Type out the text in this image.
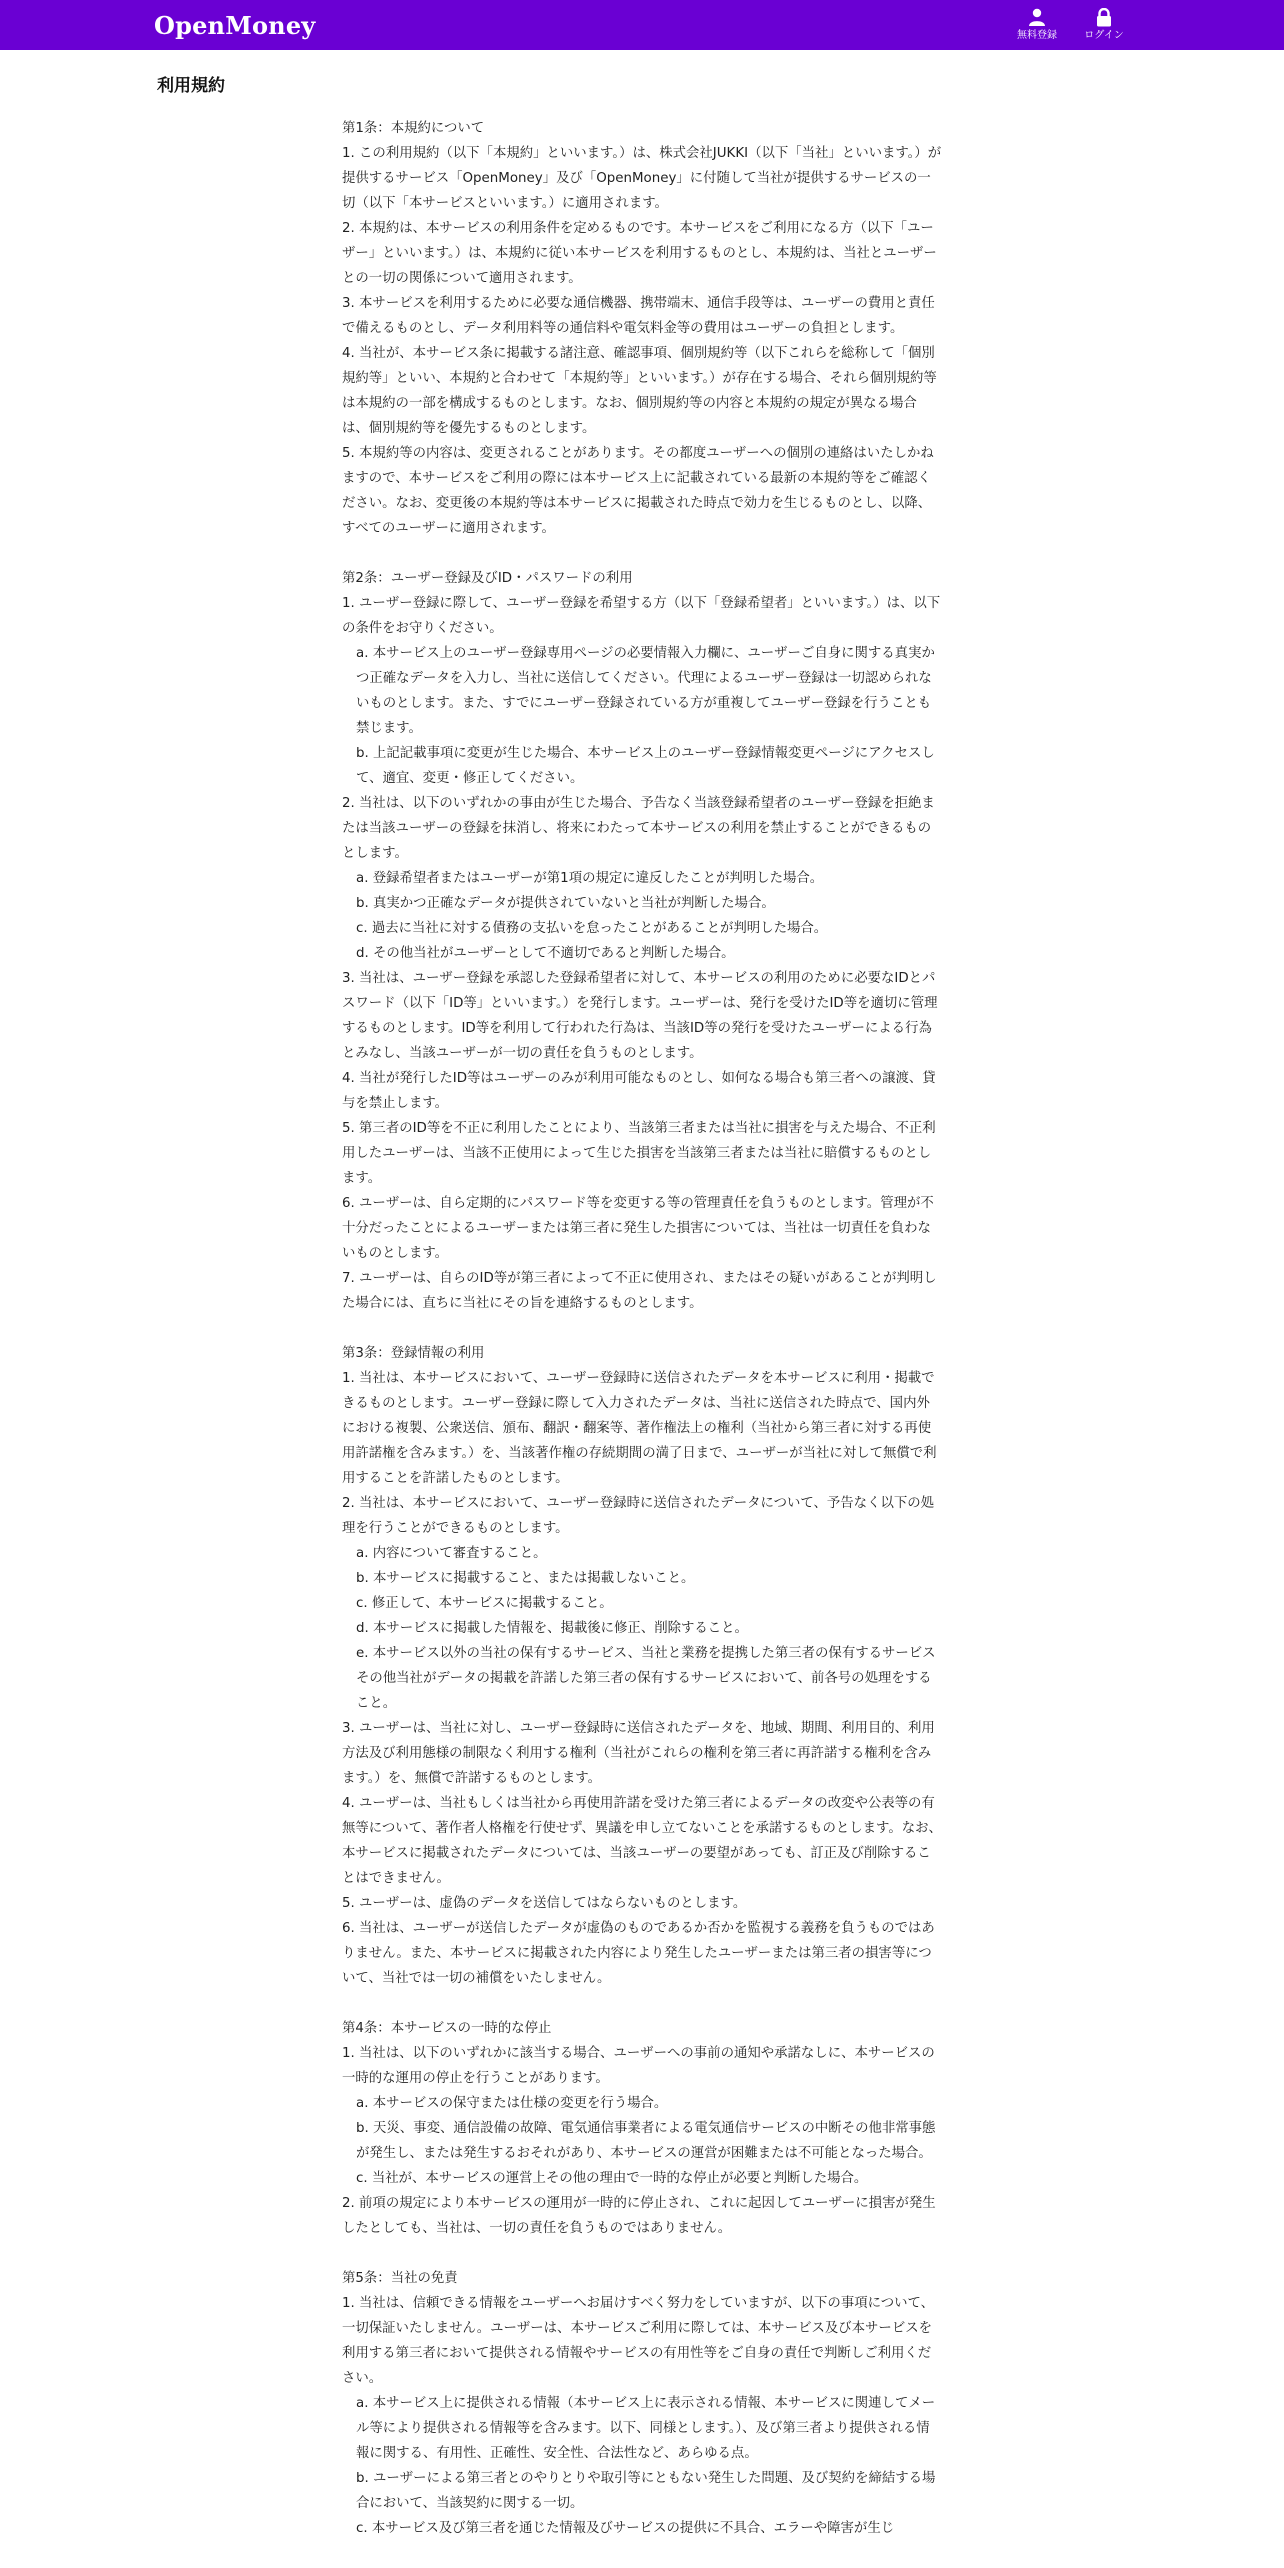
OpenMoney	無料登録	ログイン
利用規約
第1条：本規約について

1. この利用規約（以下「本規約」といいます。）は、株式会社JUKKI（以下「当社」といいます。）が提供するサービス「OpenMoney」及び「OpenMoney」に付随して当社が提供するサービスの一切（以下「本サービスといいます。）に適用されます。

2. 本規約は、本サービスの利用条件を定めるものです。本サービスをご利用になる方（以下「ユーザー」といいます。）は、本規約に従い本サービスを利用するものとし、本規約は、当社とユーザーとの一切の関係について適用されます。

3. 本サービスを利用するために必要な通信機器、携帯端末、通信手段等は、ユーザーの費用と責任で備えるものとし、データ利用料等の通信料や電気料金等の費用はユーザーの負担とします。

4. 当社が、本サービス条に掲載する諸注意、確認事項、個別規約等（以下これらを総称して「個別規約等」といい、本規約と合わせて「本規約等」といいます。）が存在する場合、それら個別規約等は本規約の一部を構成するものとします。なお、個別規約等の内容と本規約の規定が異なる場合は、個別規約等を優先するものとします。

5. 本規約等の内容は、変更されることがあります。その都度ユーザーへの個別の連絡はいたしかねますので、本サービスをご利用の際には本サービス上に記載されている最新の本規約等をご確認ください。なお、変更後の本規約等は本サービスに掲載された時点で効力を生じるものとし、以降、すべてのユーザーに適用されます。

第2条：ユーザー登録及びID・パスワードの利用

1. ユーザー登録に際して、ユーザー登録を希望する方（以下「登録希望者」といいます。）は、以下の条件をお守りください。

a. 本サービス上のユーザー登録専用ページの必要情報入力欄に、ユーザーご自身に関する真実かつ正確なデータを入力し、当社に送信してください。代理によるユーザー登録は一切認められないものとします。また、すでにユーザー登録されている方が重複してユーザー登録を行うことも禁じます。

b. 上記記載事項に変更が生じた場合、本サービス上のユーザー登録情報変更ページにアクセスして、適宜、変更・修正してください。

2. 当社は、以下のいずれかの事由が生じた場合、予告なく当該登録希望者のユーザー登録を拒絶または当該ユーザーの登録を抹消し、将来にわたって本サービスの利用を禁止することができるものとします。

a. 登録希望者またはユーザーが第1項の規定に違反したことが判明した場合。

b. 真実かつ正確なデータが提供されていないと当社が判断した場合。

c. 過去に当社に対する債務の支払いを怠ったことがあることが判明した場合。

d. その他当社がユーザーとして不適切であると判断した場合。

3. 当社は、ユーザー登録を承認した登録希望者に対して、本サービスの利用のために必要なIDとパスワード（以下「ID等」といいます。）を発行します。ユーザーは、発行を受けたID等を適切に管理するものとします。ID等を利用して行われた行為は、当該ID等の発行を受けたユーザーによる行為とみなし、当該ユーザーが一切の責任を負うものとします。

4. 当社が発行したID等はユーザーのみが利用可能なものとし、如何なる場合も第三者への譲渡、貸与を禁止します。

5. 第三者のID等を不正に利用したことにより、当該第三者または当社に損害を与えた場合、不正利用したユーザーは、当該不正使用によって生じた損害を当該第三者または当社に賠償するものとします。

6. ユーザーは、自ら定期的にパスワード等を変更する等の管理責任を負うものとします。管理が不十分だったことによるユーザーまたは第三者に発生した損害については、当社は一切責任を負わないものとします。

7. ユーザーは、自らのID等が第三者によって不正に使用され、またはその疑いがあることが判明した場合には、直ちに当社にその旨を連絡するものとします。

第3条：登録情報の利用

1. 当社は、本サービスにおいて、ユーザー登録時に送信されたデータを本サービスに利用・掲載できるものとします。ユーザー登録に際して入力されたデータは、当社に送信された時点で、国内外における複製、公衆送信、頒布、翻訳・翻案等、著作権法上の権利（当社から第三者に対する再使用許諾権を含みます。）を、当該著作権の存続期間の満了日まで、ユーザーが当社に対して無償で利用することを許諾したものとします。

2. 当社は、本サービスにおいて、ユーザー登録時に送信されたデータについて、予告なく以下の処理を行うことができるものとします。

a. 内容について審査すること。

b. 本サービスに掲載すること、または掲載しないこと。

c. 修正して、本サービスに掲載すること。

d. 本サービスに掲載した情報を、掲載後に修正、削除すること。

e. 本サービス以外の当社の保有するサービス、当社と業務を提携した第三者の保有するサービスその他当社がデータの掲載を許諾した第三者の保有するサービスにおいて、前各号の処理をすること。

3. ユーザーは、当社に対し、ユーザー登録時に送信されたデータを、地域、期間、利用目的、利用方法及び利用態様の制限なく利用する権利（当社がこれらの権利を第三者に再許諾する権利を含みます。）を、無償で許諾するものとします。

4. ユーザーは、当社もしくは当社から再使用許諾を受けた第三者によるデータの改変や公表等の有無等について、著作者人格権を行使せず、異議を申し立てないことを承諾するものとします。なお、本サービスに掲載されたデータについては、当該ユーザーの要望があっても、訂正及び削除することはできません。

5. ユーザーは、虚偽のデータを送信してはならないものとします。

6. 当社は、ユーザーが送信したデータが虚偽のものであるか否かを監視する義務を負うものではありません。また、本サービスに掲載された内容により発生したユーザーまたは第三者の損害等について、当社では一切の補償をいたしません。

第4条：本サービスの一時的な停止

1. 当社は、以下のいずれかに該当する場合、ユーザーへの事前の通知や承諾なしに、本サービスの一時的な運用の停止を行うことがあります。

a. 本サービスの保守または仕様の変更を行う場合。

b. 天災、事変、通信設備の故障、電気通信事業者による電気通信サービスの中断その他非常事態が発生し、または発生するおそれがあり、本サービスの運営が困難または不可能となった場合。

c. 当社が、本サービスの運営上その他の理由で一時的な停止が必要と判断した場合。

2. 前項の規定により本サービスの運用が一時的に停止され、これに起因してユーザーに損害が発生したとしても、当社は、一切の責任を負うものではありません。

第5条：当社の免責

1. 当社は、信頼できる情報をユーザーへお届けすべく努力をしていますが、以下の事項について、一切保証いたしません。ユーザーは、本サービスご利用に際しては、本サービス及び本サービスを利用する第三者において提供される情報やサービスの有用性等をご自身の責任で判断しご利用ください。

a. 本サービス上に提供される情報（本サービス上に表示される情報、本サービスに関連してメール等により提供される情報等を含みます。以下、同様とします。）、及び第三者より提供される情報に関する、有用性、正確性、安全性、合法性など、あらゆる点。

b. ユーザーによる第三者とのやりとりや取引等にともない発生した問題、及び契約を締結する場合において、当該契約に関する一切。

c. 本サービス及び第三者を通じた情報及びサービスの提供に不具合、エラーや障害が生じ
